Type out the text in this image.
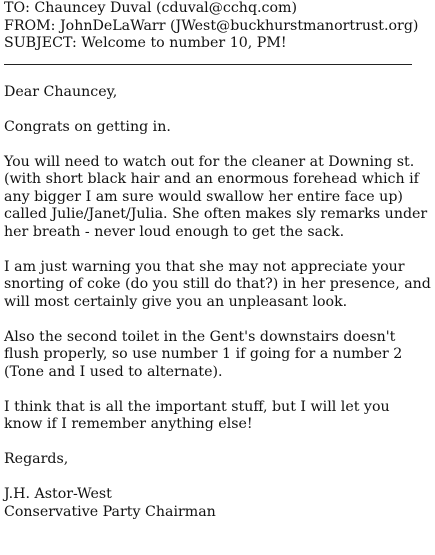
TO: Chauncey Duval (cduval@cchq.com)
FROM: JohnDeLaWarr (JWest@buckhurstmanortrust.org)
SUBJECT: Welcome to number 10, PM!

Dear Chauncey,

Congrats on getting in.

You will need to watch out for the cleaner at Downing st. (with short black hair and an enormous forehead which if any bigger I am sure would swallow her entire face up) called Julie/Janet/Julia. She often makes sly remarks under her breath - never loud enough to get the sack.

I am just warning you that she may not appreciate your snorting of coke (do you still do that?) in her presence, and will most certainly give you an unpleasant look.

Also the second toilet in the Gent's downstairs doesn't flush properly, so use number 1 if going for a number 2 (Tone and I used to alternate).

I think that is all the important stuff, but I will let you know if I remember anything else!

Regards,

J.H. Astor-West

Conservative Party Chairman
